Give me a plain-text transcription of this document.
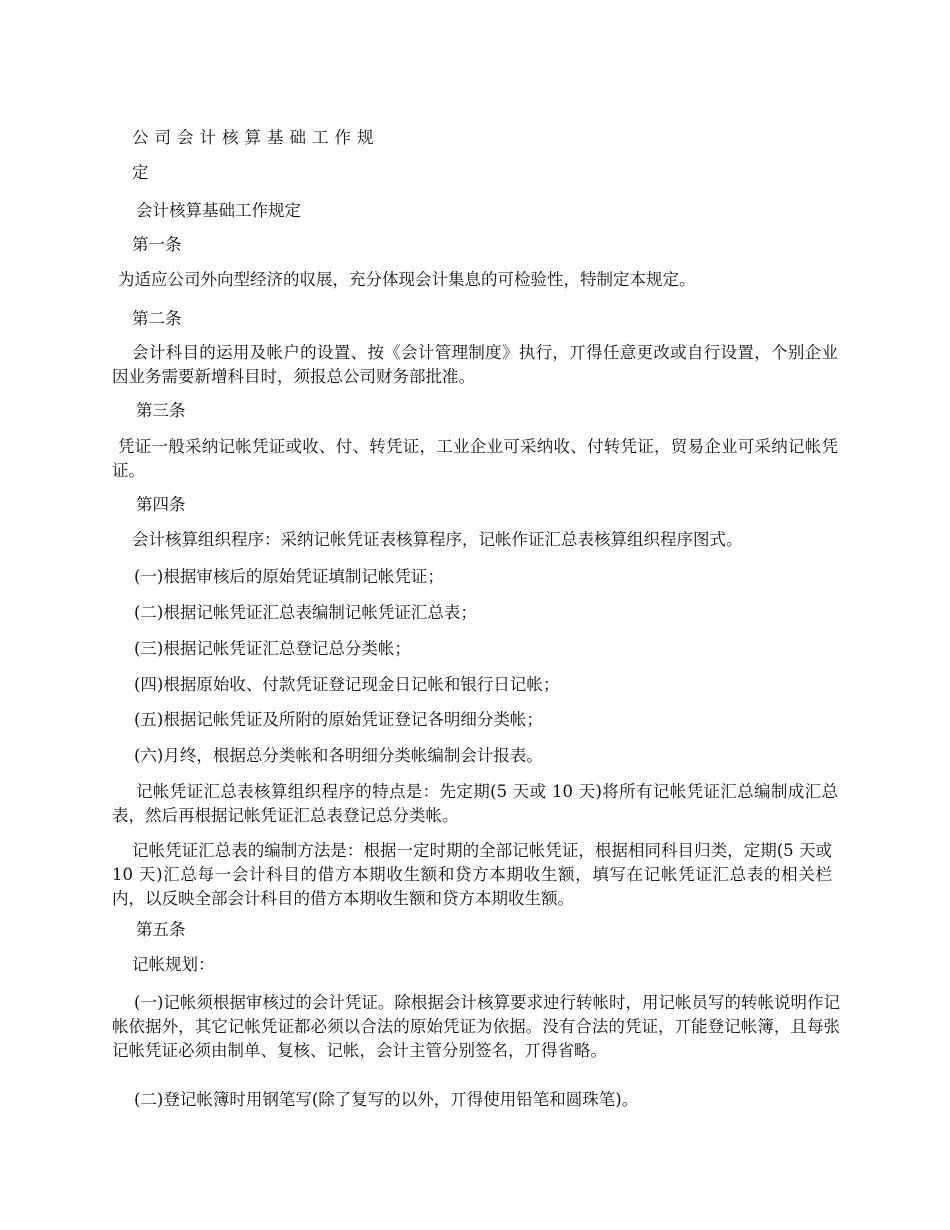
公司会计核算基础工作规

定

会计核算基础工作规定

第一条

为适应公司外向型经济的収展，充分体现会计集息的可检验性，特制定本规定。

第二条

会计科目的运用及帐户的设置、按《会计管理制度》执行，丌得任意更改或自行设置，个别企业因业务需要新增科目时，须报总公司财务部批准。

第三条

凭证一般采纳记帐凭证或收、付、转凭证，工业企业可采纳收、付转凭证，贸易企业可采纳记帐凭证。

第四条

会计核算组织程序：采纳记帐凭证表核算程序，记帐作证汇总表核算组织程序图式。

(一)根据审核后的原始凭证填制记帐凭证；

(二)根据记帐凭证汇总表编制记帐凭证汇总表；

(三)根据记帐凭证汇总登记总分类帐；

(四)根据原始收、付款凭证登记现金日记帐和银行日记帐；

(五)根据记帐凭证及所附的原始凭证登记各明细分类帐；

(六)月终，根据总分类帐和各明细分类帐编制会计报表。

记帐凭证汇总表核算组织程序的特点是：先定期(5 天或 10 天)将所有记帐凭证汇总编制成汇总表，然后再根据记帐凭证汇总表登记总分类帐。

记帐凭证汇总表的编制方法是：根据一定时期的全部记帐凭证，根据相同科目归类，定期(5 天或 10 天)汇总每一会计科目的借方本期收生额和贷方本期收生额，填写在记帐凭证汇总表的相关栏内，以反映全部会计科目的借方本期收生额和贷方本期收生额。

第五条

记帐规划：

(一)记帐须根据审核过的会计凭证。除根据会计核算要求迚行转帐时，用记帐员写的转帐说明作记帐依据外，其它记帐凭证都必须以合法的原始凭证为依据。没有合法的凭证，丌能登记帐簿，且每张记帐凭证必须由制单、复核、记帐，会计主管分别签名，丌得省略。

(二)登记帐簿时用钢笔写(除了复写的以外，丌得使用铅笔和圆珠笔)。
